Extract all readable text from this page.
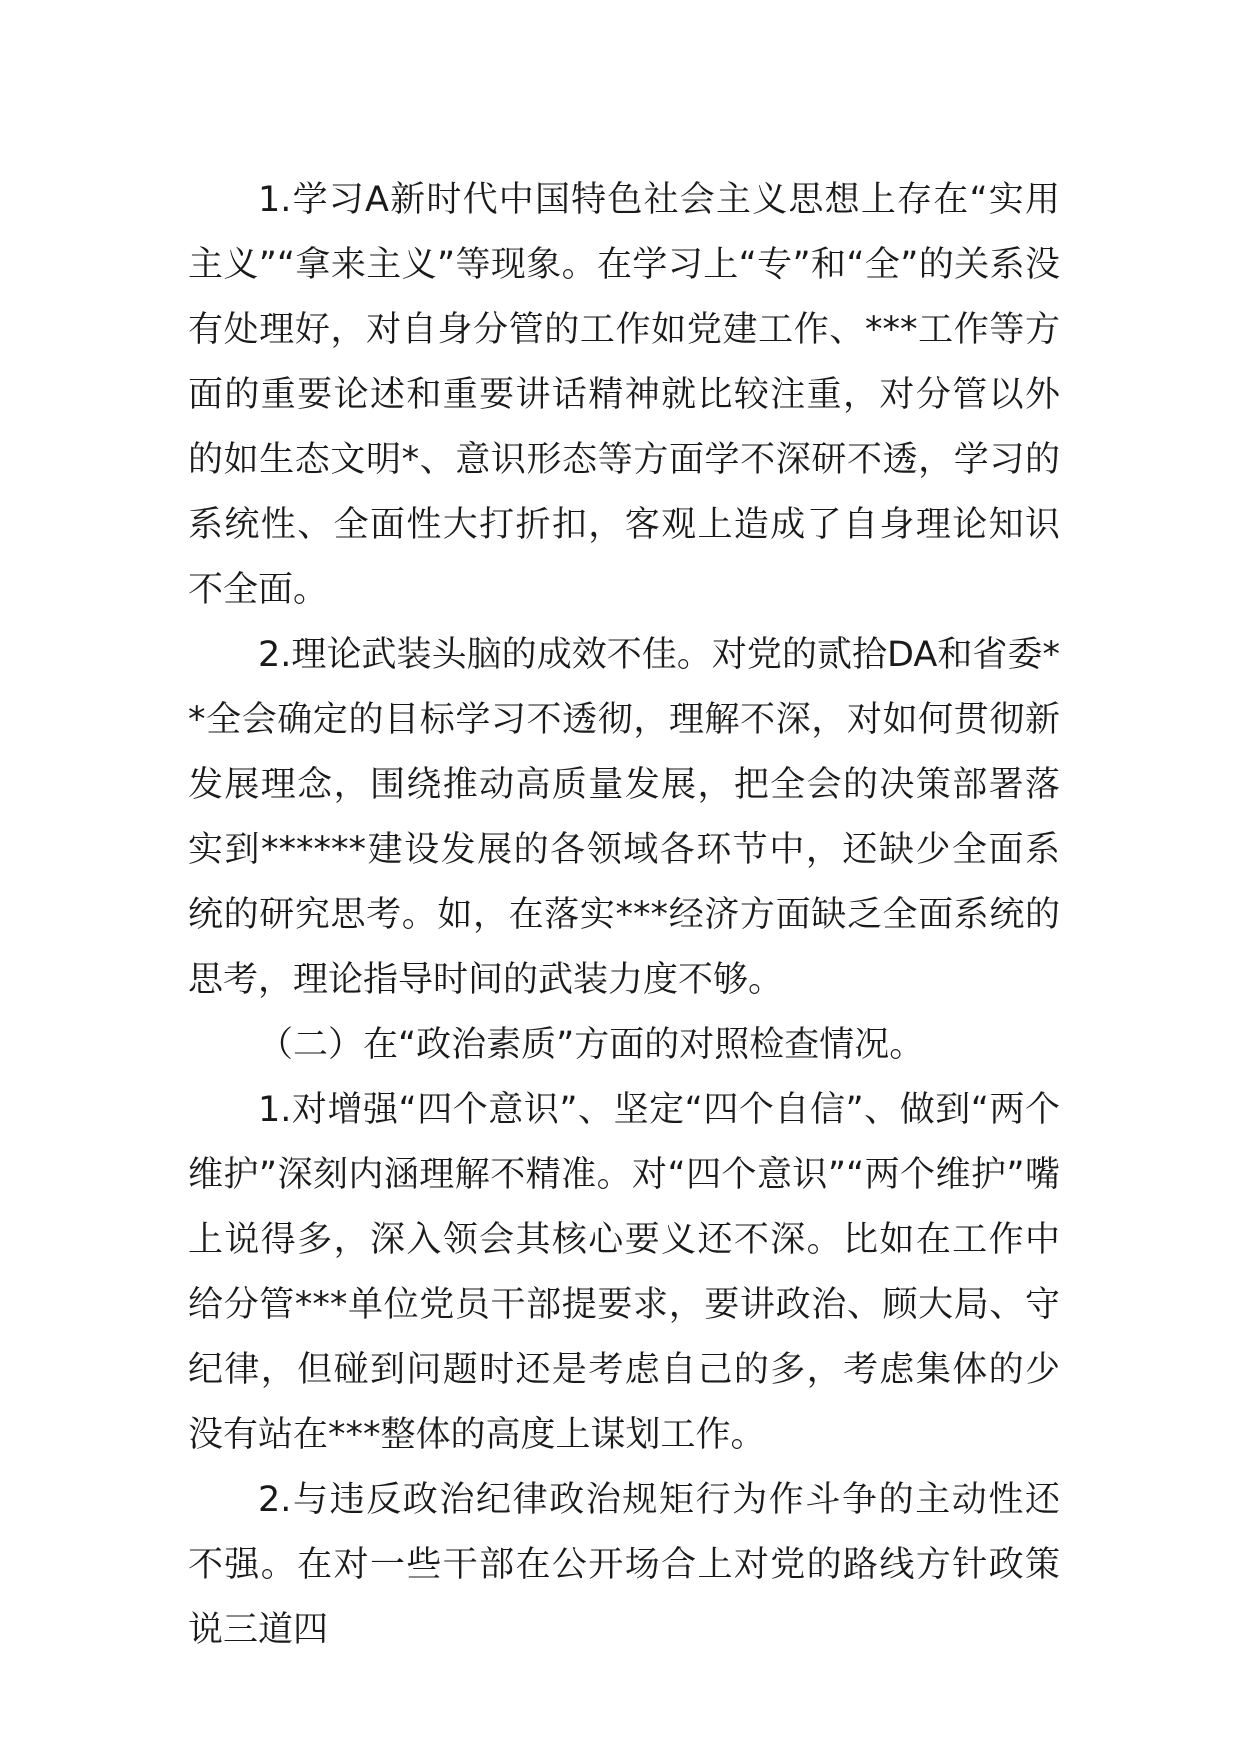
1.学习A新时代中国特色社会主义思想上存在“实用主义”“拿来主义”等现象。在学习上“专”和“全”的关系没有处理好，对自身分管的工作如党建工作、***工作等方面的重要论述和重要讲话精神就比较注重，对分管以外的如生态文明*、意识形态等方面学不深研不透，学习的系统性、全面性大打折扣，客观上造成了自身理论知识不全面。

2.理论武装头脑的成效不佳。对党的贰拾DA和省委**全会确定的目标学习不透彻，理解不深，对如何贯彻新发展理念，围绕推动高质量发展，把全会的决策部署落实到******建设发展的各领域各环节中，还缺少全面系统的研究思考。如，在落实***经济方面缺乏全面系统的思考，理论指导时间的武装力度不够。

（二）在“政治素质”方面的对照检查情况。

1.对增强“四个意识”、坚定“四个自信”、做到“两个维护”深刻内涵理解不精准。对“四个意识”“两个维护”嘴上说得多，深入领会其核心要义还不深。比如在工作中给分管***单位党员干部提要求，要讲政治、顾大局、守纪律，但碰到问题时还是考虑自己的多，考虑集体的少没有站在***整体的高度上谋划工作。

2.与违反政治纪律政治规矩行为作斗争的主动性还不强。在对一些干部在公开场合上对党的路线方针政策说三道四
